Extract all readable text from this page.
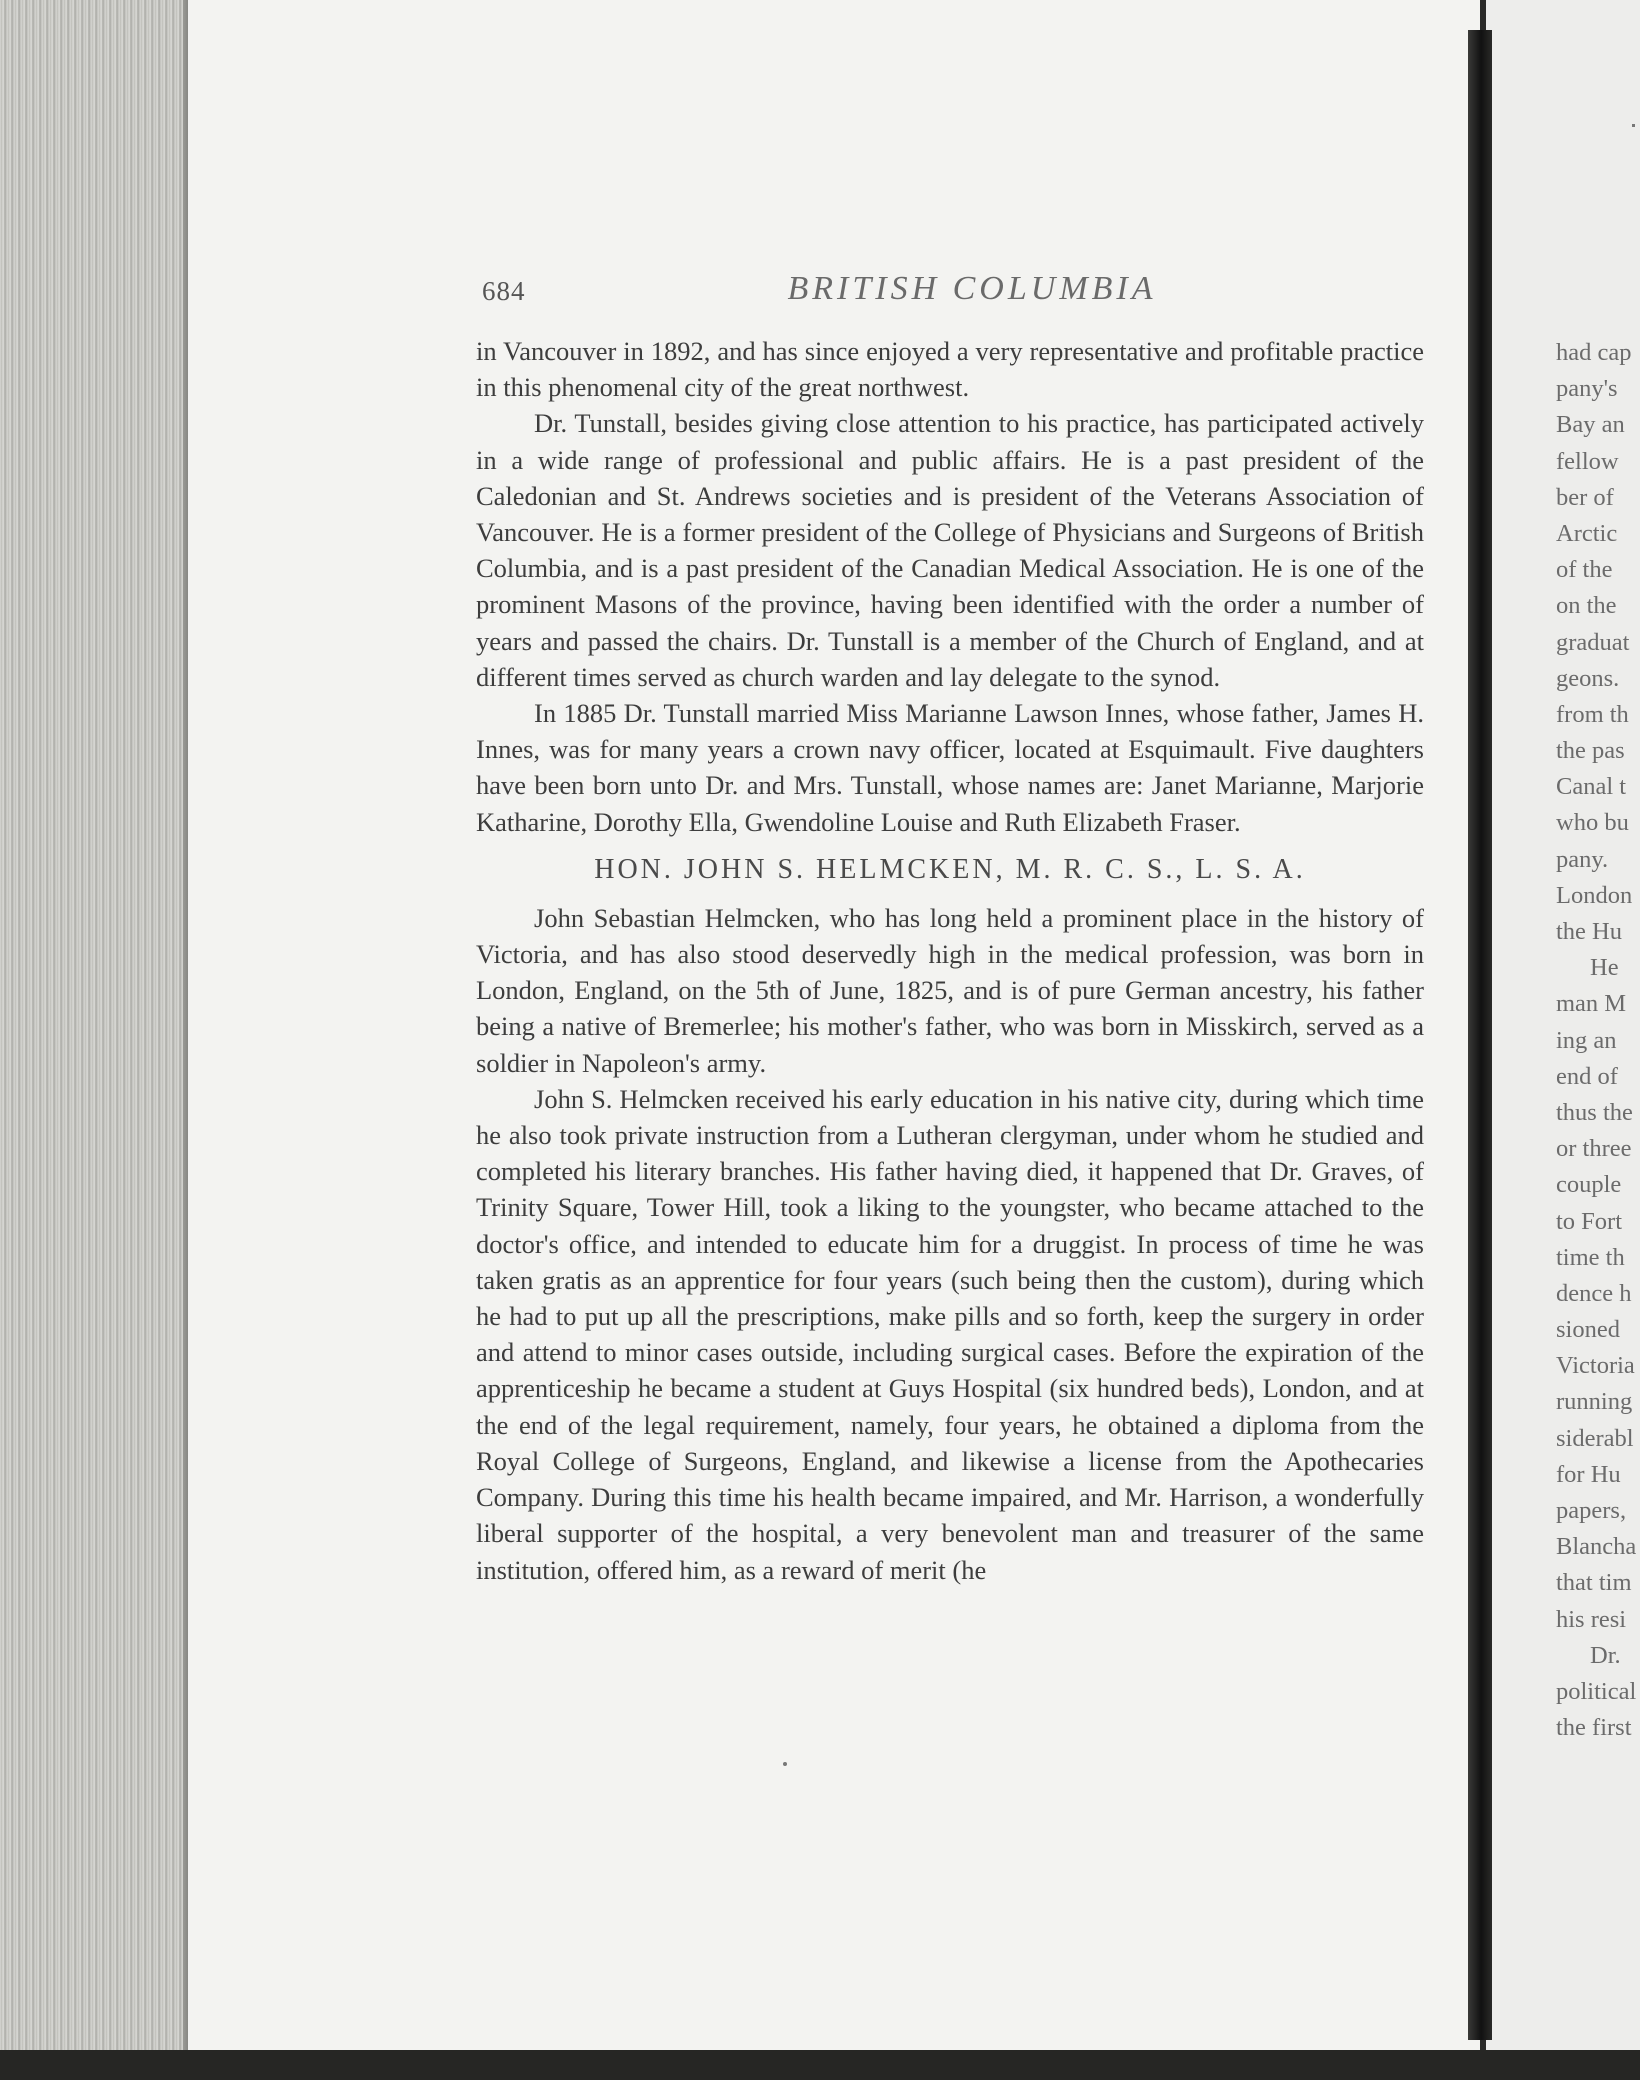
684	BRITISH COLUMBIA

in Vancouver in 1892, and has since enjoyed a very representative and profitable practice in this phenomenal city of the great northwest.

Dr. Tunstall, besides giving close attention to his practice, has participated actively in a wide range of professional and public affairs. He is a past president of the Caledonian and St. Andrews societies and is president of the Veterans Association of Vancouver. He is a former president of the College of Physicians and Surgeons of British Columbia, and is a past president of the Canadian Medical Association. He is one of the prominent Masons of the province, having been identified with the order a number of years and passed the chairs. Dr. Tunstall is a member of the Church of England, and at different times served as church warden and lay delegate to the synod.

In 1885 Dr. Tunstall married Miss Marianne Lawson Innes, whose father, James H. Innes, was for many years a crown navy officer, located at Esquimault. Five daughters have been born unto Dr. and Mrs. Tunstall, whose names are: Janet Marianne, Marjorie Katharine, Dorothy Ella, Gwendoline Louise and Ruth Elizabeth Fraser.

HON. JOHN S. HELMCKEN, M. R. C. S., L. S. A.

John Sebastian Helmcken, who has long held a prominent place in the history of Victoria, and has also stood deservedly high in the medical profession, was born in London, England, on the 5th of June, 1825, and is of pure German ancestry, his father being a native of Bremerlee; his mother's father, who was born in Misskirch, served as a soldier in Napoleon's army.

John S. Helmcken received his early education in his native city, during which time he also took private instruction from a Lutheran clergyman, under whom he studied and completed his literary branches. His father having died, it happened that Dr. Graves, of Trinity Square, Tower Hill, took a liking to the youngster, who became attached to the doctor's office, and intended to educate him for a druggist. In process of time he was taken gratis as an apprentice for four years (such being then the custom), during which he had to put up all the prescriptions, make pills and so forth, keep the surgery in order and attend to minor cases outside, including surgical cases. Before the expiration of the apprenticeship he became a student at Guys Hospital (six hundred beds), London, and at the end of the legal requirement, namely, four years, he obtained a diploma from the Royal College of Surgeons, England, and likewise a license from the Apothecaries Company. During this time his health became impaired, and Mr. Harrison, a wonderfully liberal supporter of the hospital, a very benevolent man and treasurer of the same institution, offered him, as a reward of merit (he

had cap
pany's
Bay an
fellow
ber of
Arctic
of the
on the
graduat
geons.
from th
the pas
Canal t
who bu
pany.
London
the Hu
He
man M
ing an
end of
thus the
or three
couple
to Fort
time th
dence h
sioned
Victoria
running
siderabl
for Hu
papers,
Blancha
that tim
his resi
Dr.
political
the first
